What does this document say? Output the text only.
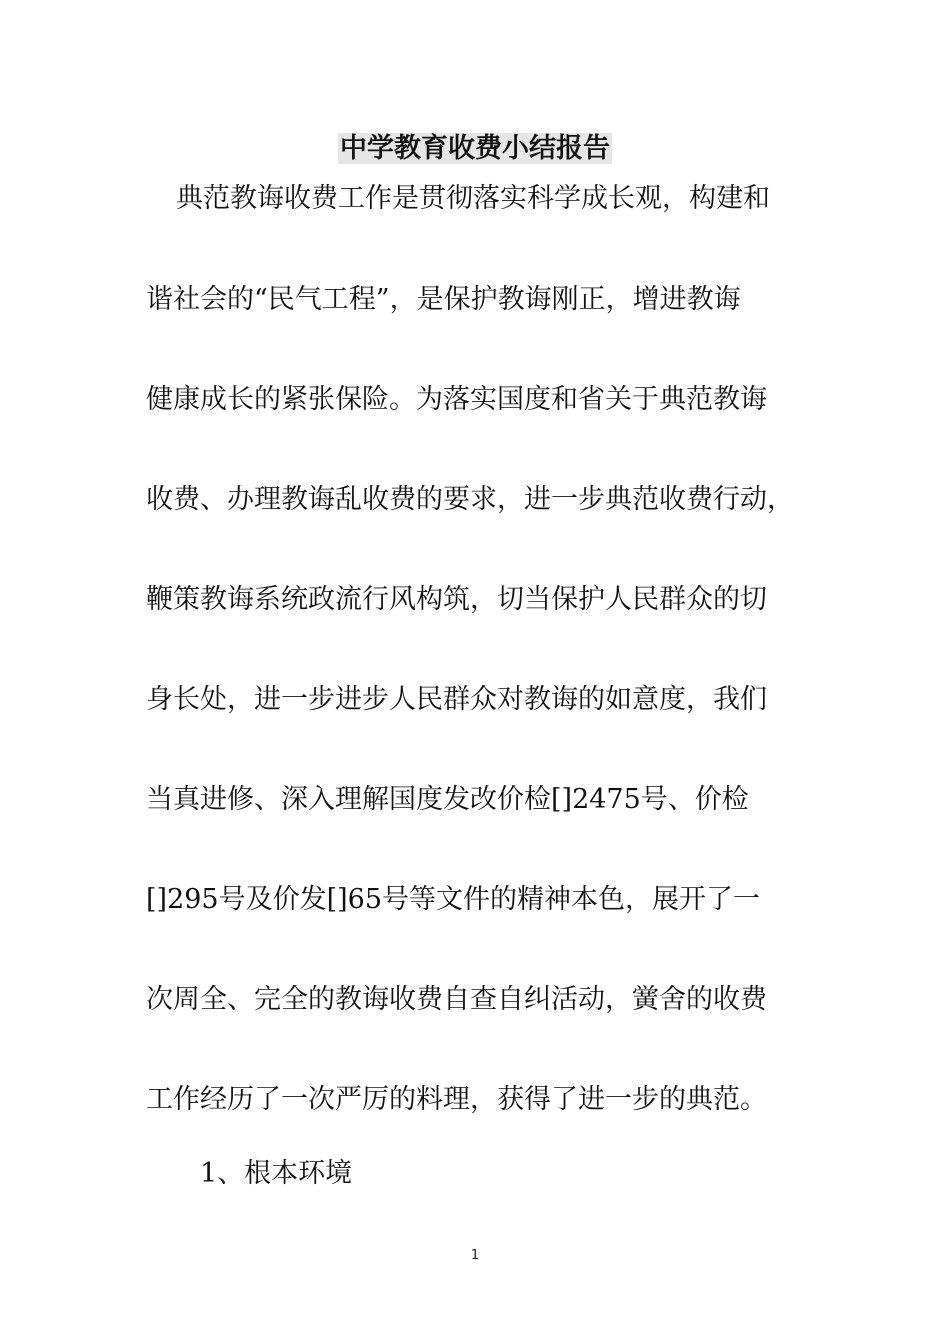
中学教育收费小结报告
典范教诲收费工作是贯彻落实科学成长观，构建和
谐社会的“民气工程”，是保护教诲刚正，增进教诲
健康成长的紧张保险。为落实国度和省关于典范教诲
收费、办理教诲乱收费的要求，进一步典范收费行动，
鞭策教诲系统政流行风构筑，切当保护人民群众的切
身长处，进一步进步人民群众对教诲的如意度，我们
当真进修、深入理解国度发改价检[]2475号、价检
[]295号及价发[]65号等文件的精神本色，展开了一
次周全、完全的教诲收费自查自纠活动，黉舍的收费
工作经历了一次严厉的料理，获得了进一步的典范。
1、根本环境
1
